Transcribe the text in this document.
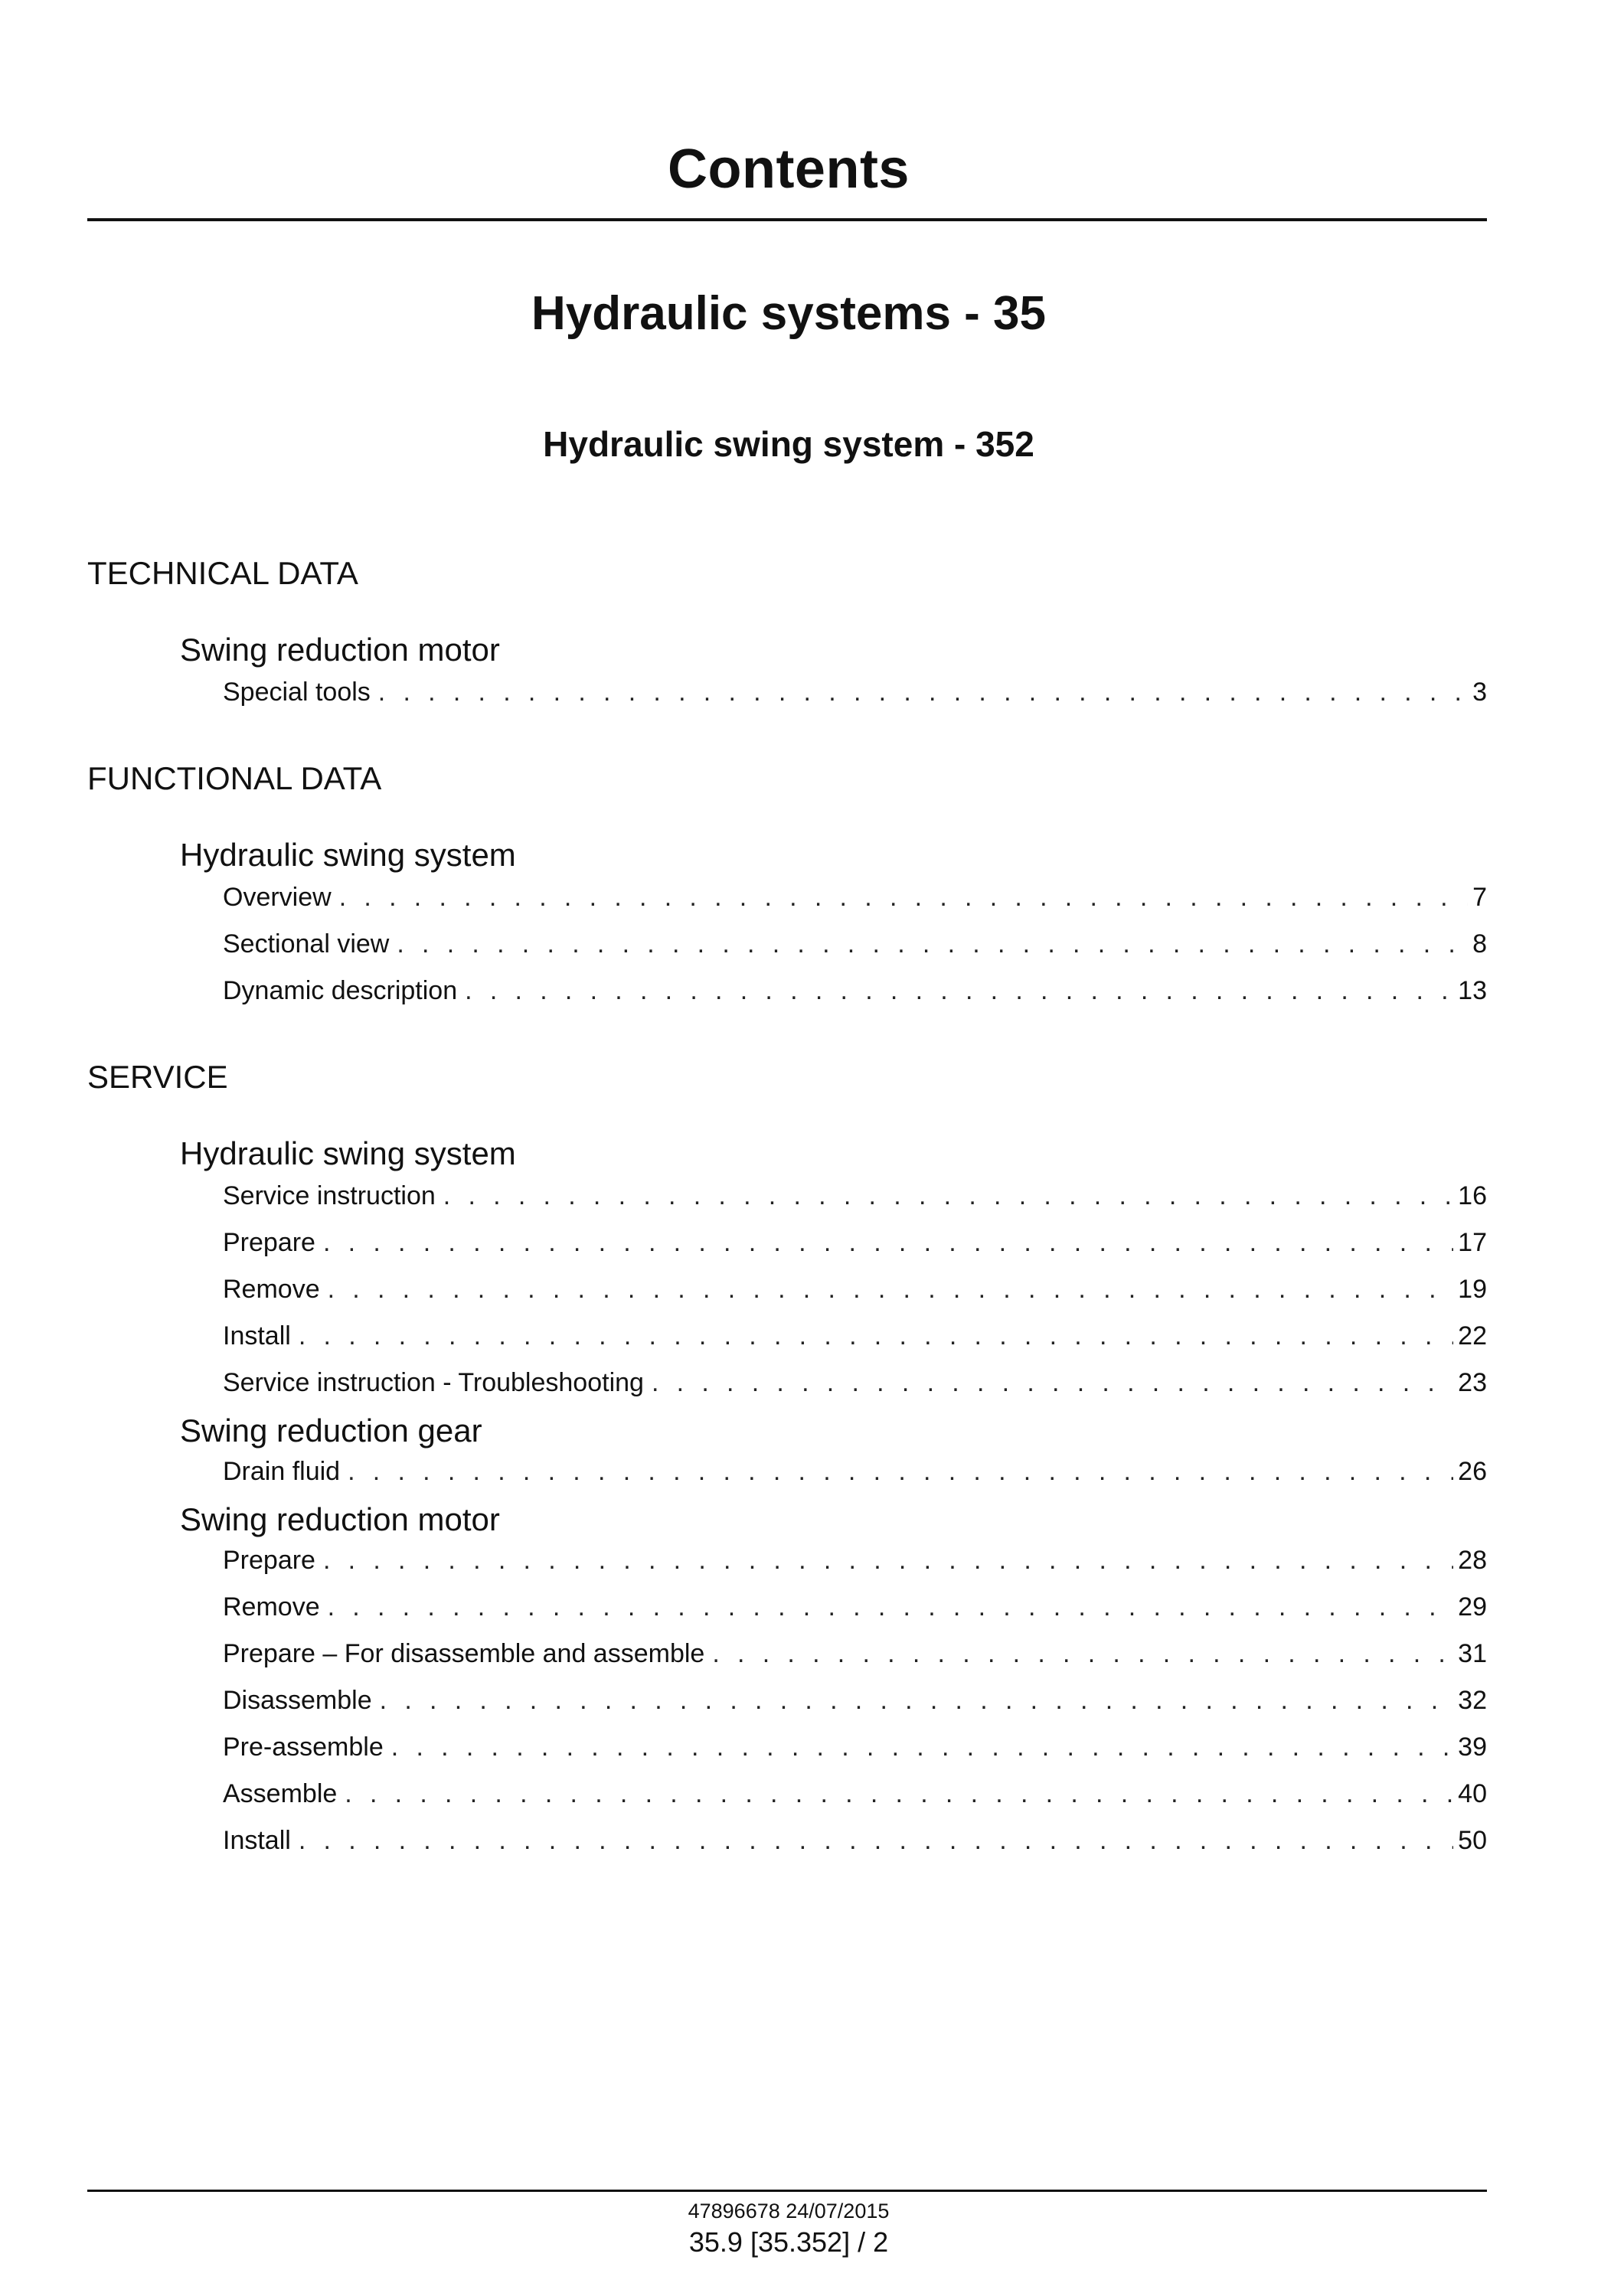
Contents
Hydraulic systems - 35
Hydraulic swing system - 352
TECHNICAL DATA
Swing reduction motor
Special tools . . .	3
FUNCTIONAL DATA
Hydraulic swing system
Overview . . .	7
Sectional view . . .	8
Dynamic description . . .	13
SERVICE
Hydraulic swing system
Service instruction . . .	16
Prepare . . .	17
Remove . . .	19
Install . . .	22
Service instruction - Troubleshooting . . .	23
Swing reduction gear
Drain fluid . . .	26
Swing reduction motor
Prepare . . .	28
Remove . . .	29
Prepare – For disassemble and assemble . . .	31
Disassemble . . .	32
Pre-assemble . . .	39
Assemble . . .	40
Install . . .	50
47896678 24/07/2015
35.9 [35.352] / 2
